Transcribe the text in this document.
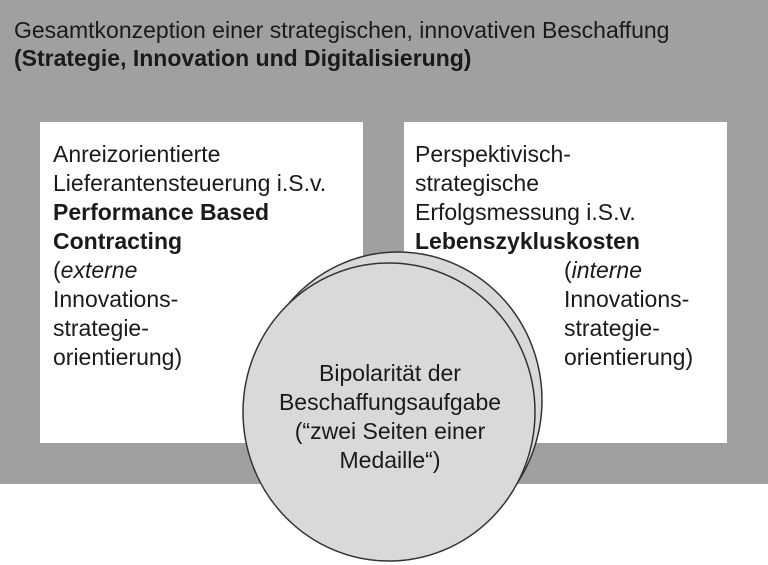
Gesamtkonzeption einer strategischen, innovativen Beschaffung
(Strategie, Innovation und Digitalisierung)
Anreizorientierte
Lieferantensteuerung i.S.v.
Performance Based
Contracting
(externe
Innovations-
strategie-
orientierung)
Perspektivisch-
strategische
Erfolgsmessung i.S.v.
Lebenszykluskosten
(interne
Innovations-
strategie-
orientierung)
Bipolarität der
Beschaffungsaufgabe
(“zwei Seiten einer
Medaille“)
